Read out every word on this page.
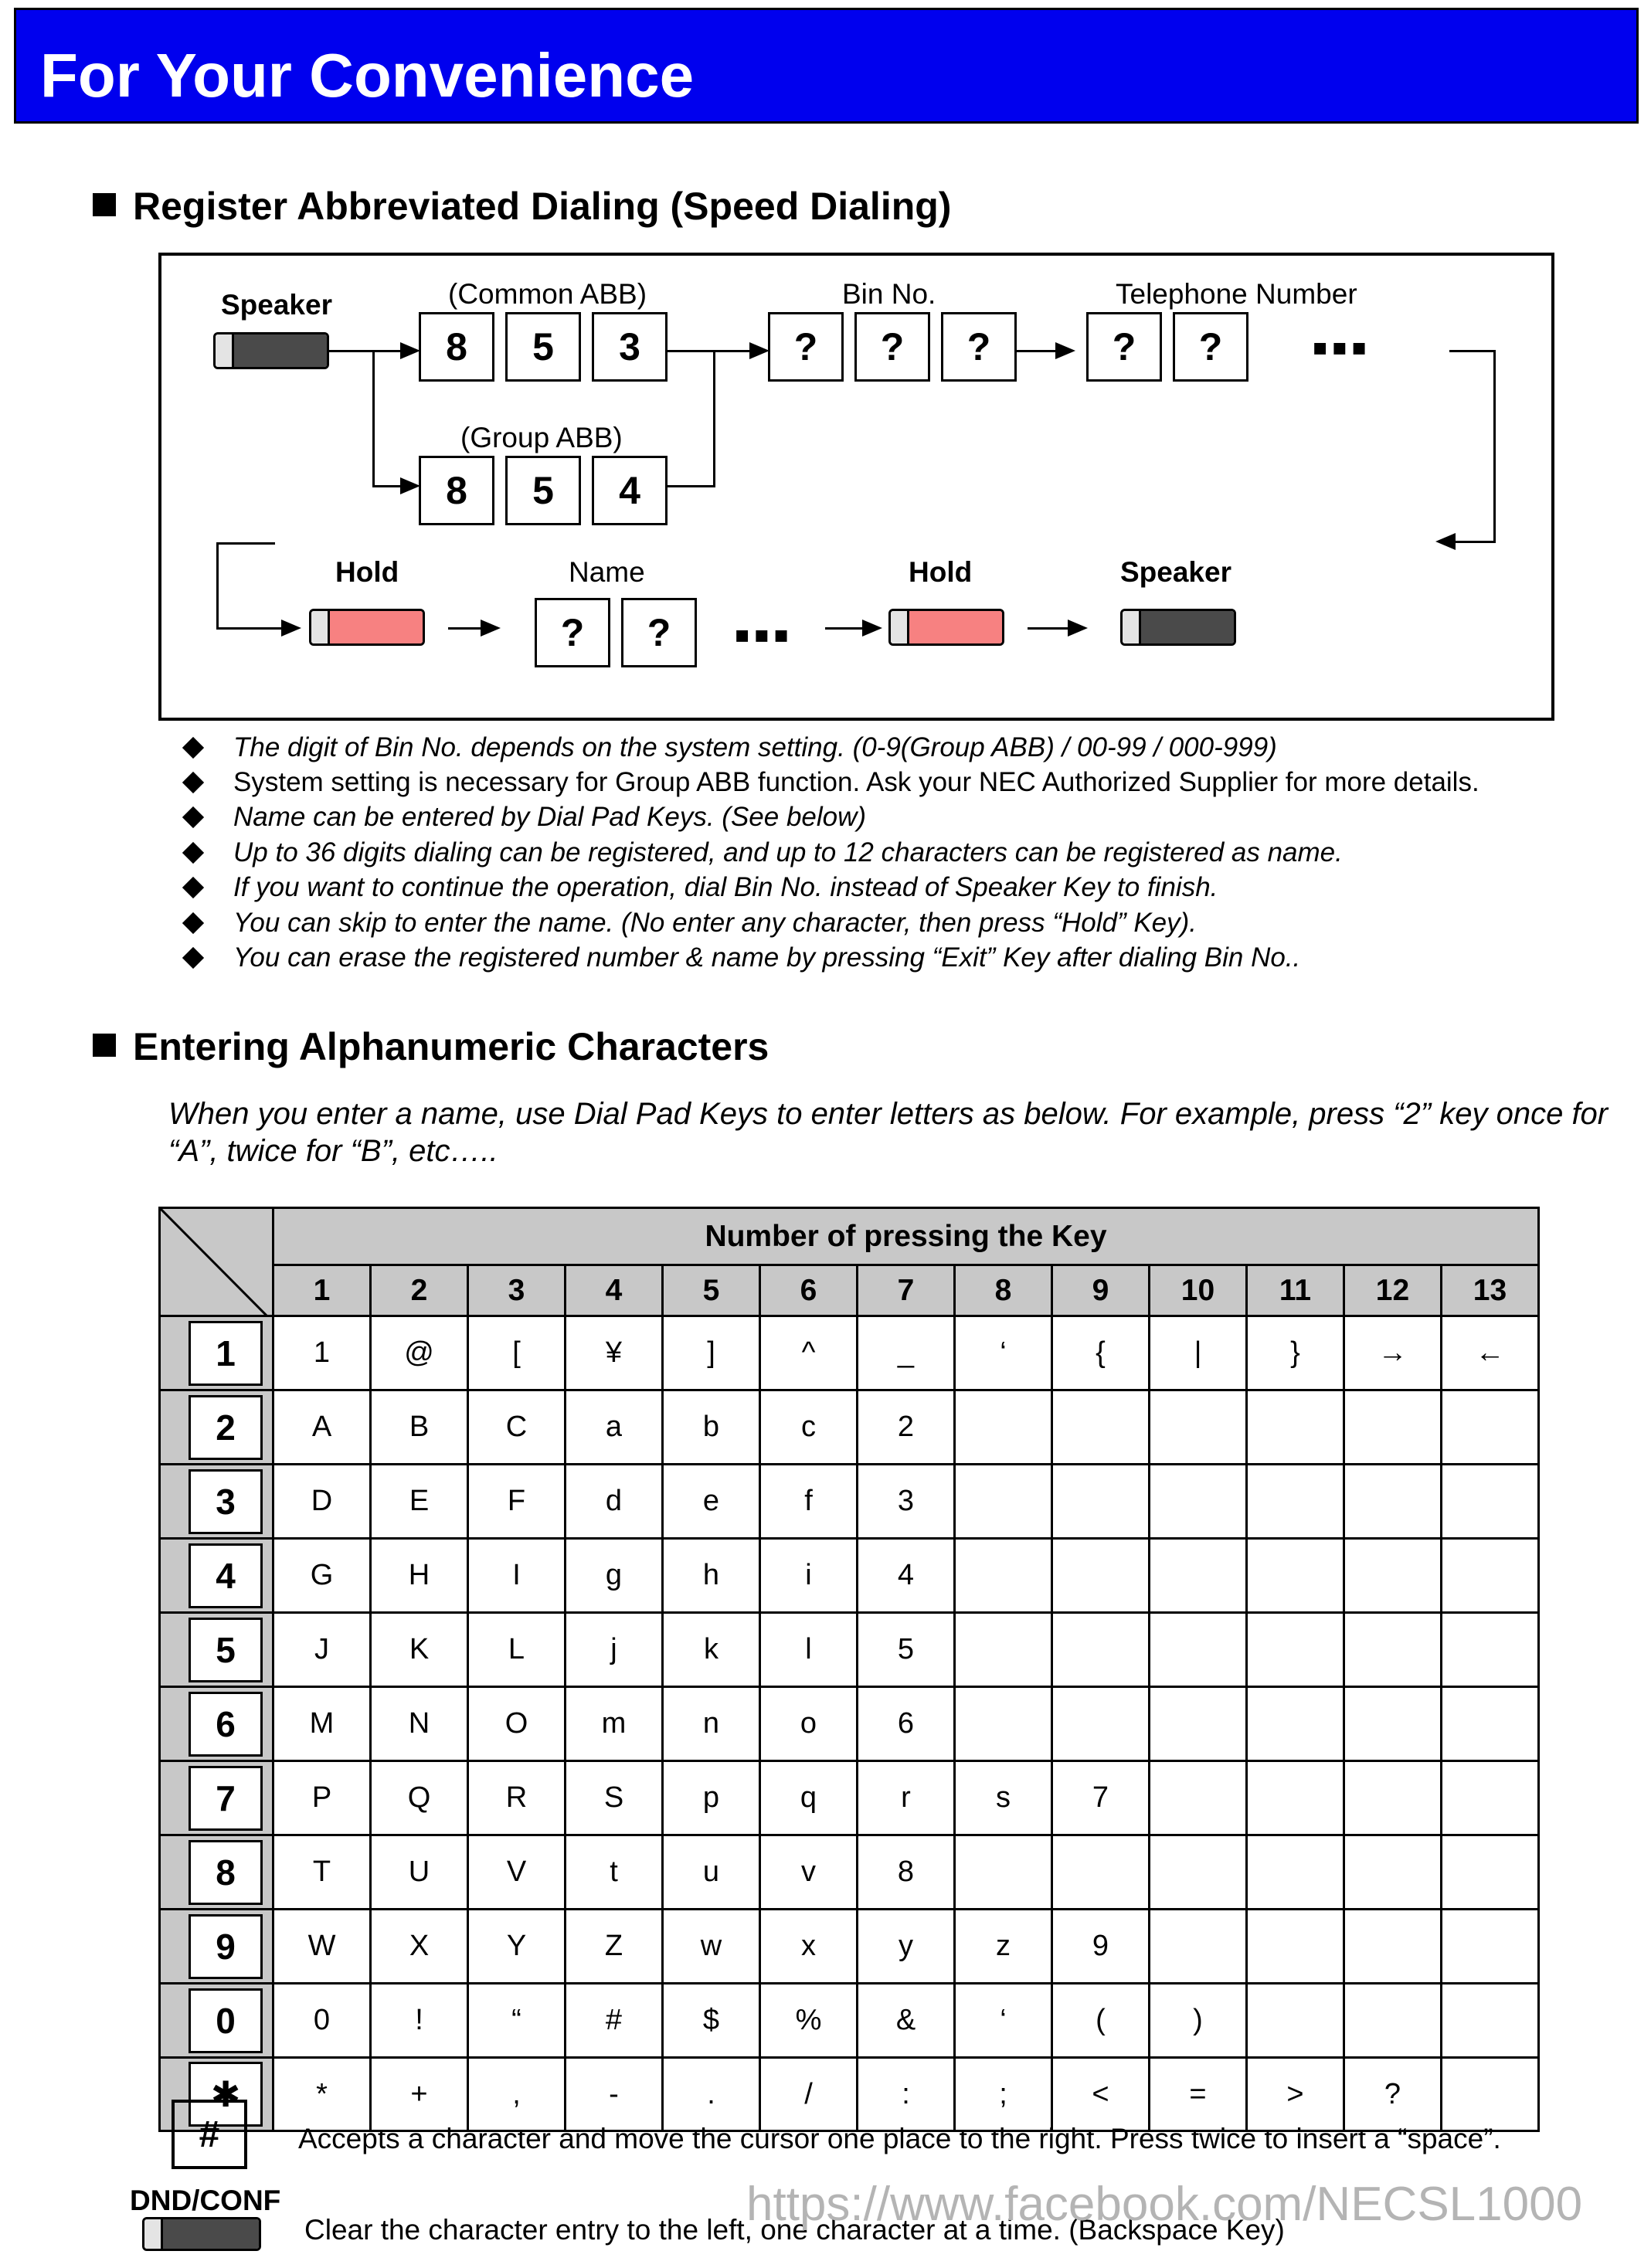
For Your Convenience
Register Abbreviated Dialing (Speed Dialing)
Speaker	(Common ABB)	Bin No.	Telephone Number
8	5	3
(Group ABB)
8	5	4
?	?	?	?	?	▪▪▪
Hold	Name	Hold	Speaker
?	?	▪▪▪
The digit of Bin No. depends on the system setting. (0-9(Group ABB) / 00-99 / 000-999)
System setting is necessary for Group ABB function. Ask your NEC Authorized Supplier for more details.
Name can be entered by Dial Pad Keys. (See below)
Up to 36 digits dialing can be registered, and up to 12 characters can be registered as name.
If you want to continue the operation, dial Bin No. instead of Speaker Key to finish.
You can skip to enter the name. (No enter any character, then press “Hold” Key).
You can erase the registered number & name by pressing “Exit” Key after dialing Bin No..
Entering Alphanumeric Characters
When you enter a name, use Dial Pad Keys to enter letters as below. For example, press “2” key once for “A”, twice for “B”, etc…..
	Number of pressing the Key												
	1	2	3	4	5	6	7	8	9	10	11	12	13

1	1	@	[	¥	]	^	_	‘	{	|	}	→	←

2	A	B	C	a	b	c	2						

3	D	E	F	d	e	f	3						

4	G	H	I	g	h	i	4						

5	J	K	L	j	k	l	5						

6	M	N	O	m	n	o	6						

7	P	Q	R	S	p	q	r	s	7				

8	T	U	V	t	u	v	8						

9	W	X	Y	Z	w	x	y	z	9				

0	0	!	“	#	$	%	&	‘	(	)			

✱	*	+	,	-	.	/	:	;	<	=	>	?	
#	Accepts a character and move the cursor one place to the right. Press twice to insert a “space”.
DND/CONF
Clear the character entry to the left, one character at a time. (Backspace Key)
https://www.facebook.com/NECSL1000
